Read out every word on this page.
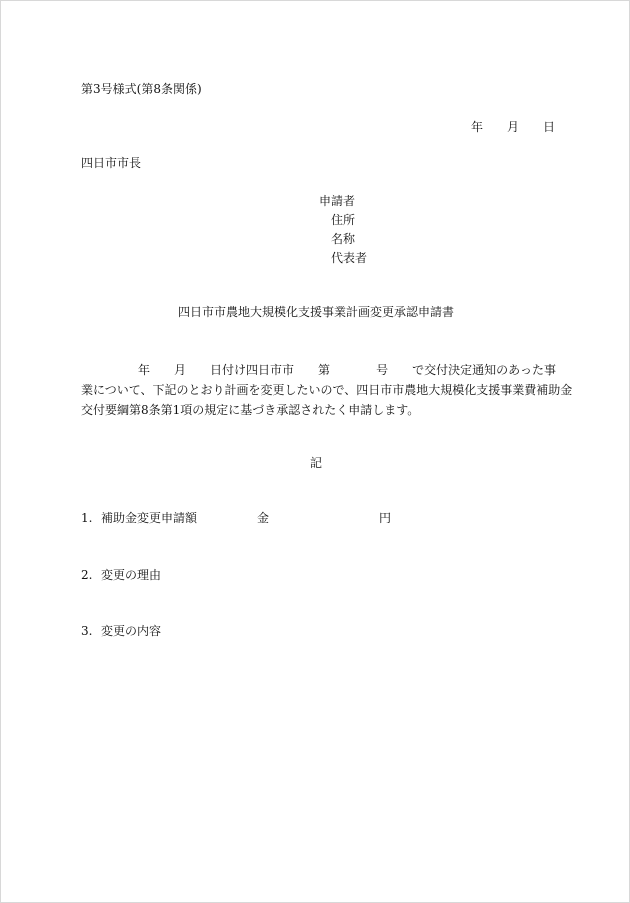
第3号様式(第8条関係)
年 月 日
四日市市長
申請者
住所
名称
代表者
四日市市農地大規模化支援事業計画変更承認申請書
年 月 日付け四日市市 第	号 で交付決定通知のあった事
業について、下記のとおり計画を変更したいので、四日市市農地大規模化支援事業費補助金
交付要綱第8条第1項の規定に基づき承認されたく申請します。
記
1. 補助金変更申請額	金	円
2. 変更の理由
3. 変更の内容
